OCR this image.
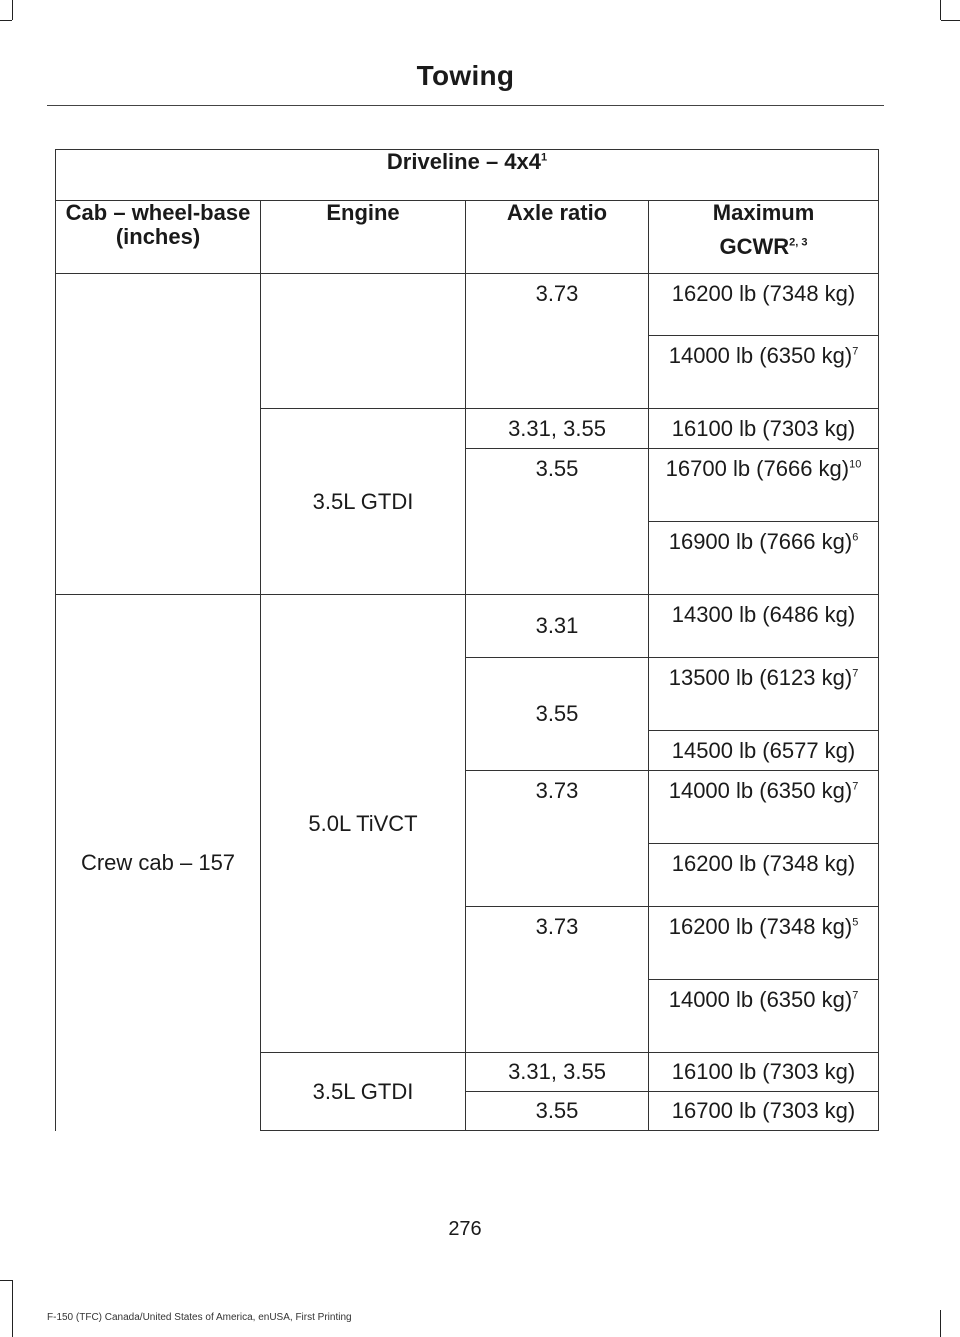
Towing
Driveline – $4x4^1$
Cab – wheel-base (inches)	Engine	Axle ratio	Maximum
GCWR$^{2, 3}$

		3.73	16200 lb (7348 kg)
			14000 lb (6350 kg)$^7$
	3.5L GTDI	3.31, 3.55	16100 lb (7303 kg)
		3.55	16700 lb (7666 kg)$^{10}$
			16900 lb (7666 kg)$^6$

Crew cab – 157	5.0L TiVCT	3.31	14300 lb (6486 kg)
		3.55	13500 lb (6123 kg)$^7$
			14500 lb (6577 kg)
		3.73	14000 lb (6350 kg)$^7$
			16200 lb (7348 kg)
		3.73	16200 lb (7348 kg)$^5$
			14000 lb (6350 kg)$^7$

	3.5L GTDI	3.31, 3.55	16100 lb (7303 kg)
		3.55	16700 lb (7303 kg)
276
F-150 (TFC) Canada/United States of America, enUSA, First Printing
